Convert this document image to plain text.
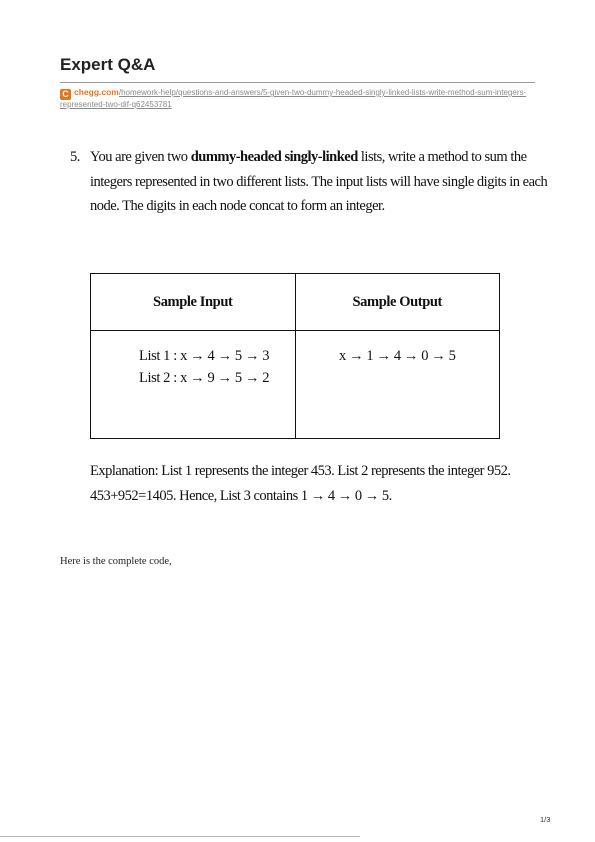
Expert Q&A
C chegg.com/homework-help/questions-and-answers/5-given-two-dummy-headed-singly-linked-lists-write-method-sum-integers-represented-two-dif-q62453781
5. You are given two dummy-headed singly-linked lists, write a method to sum the
integers represented in two different lists. The input lists will have single digits in each
node. The digits in each node concat to form an integer.
Sample Input	Sample Output

List 1 : x → 4 → 5 → 3
List 2 : x → 9 → 5 → 2	x → 1 → 4 → 0 → 5
Explanation: List 1 represents the integer 453. List 2 represents the integer 952.
453+952=1405. Hence, List 3 contains 1 → 4 → 0 → 5.
Here is the complete code,
1/3
